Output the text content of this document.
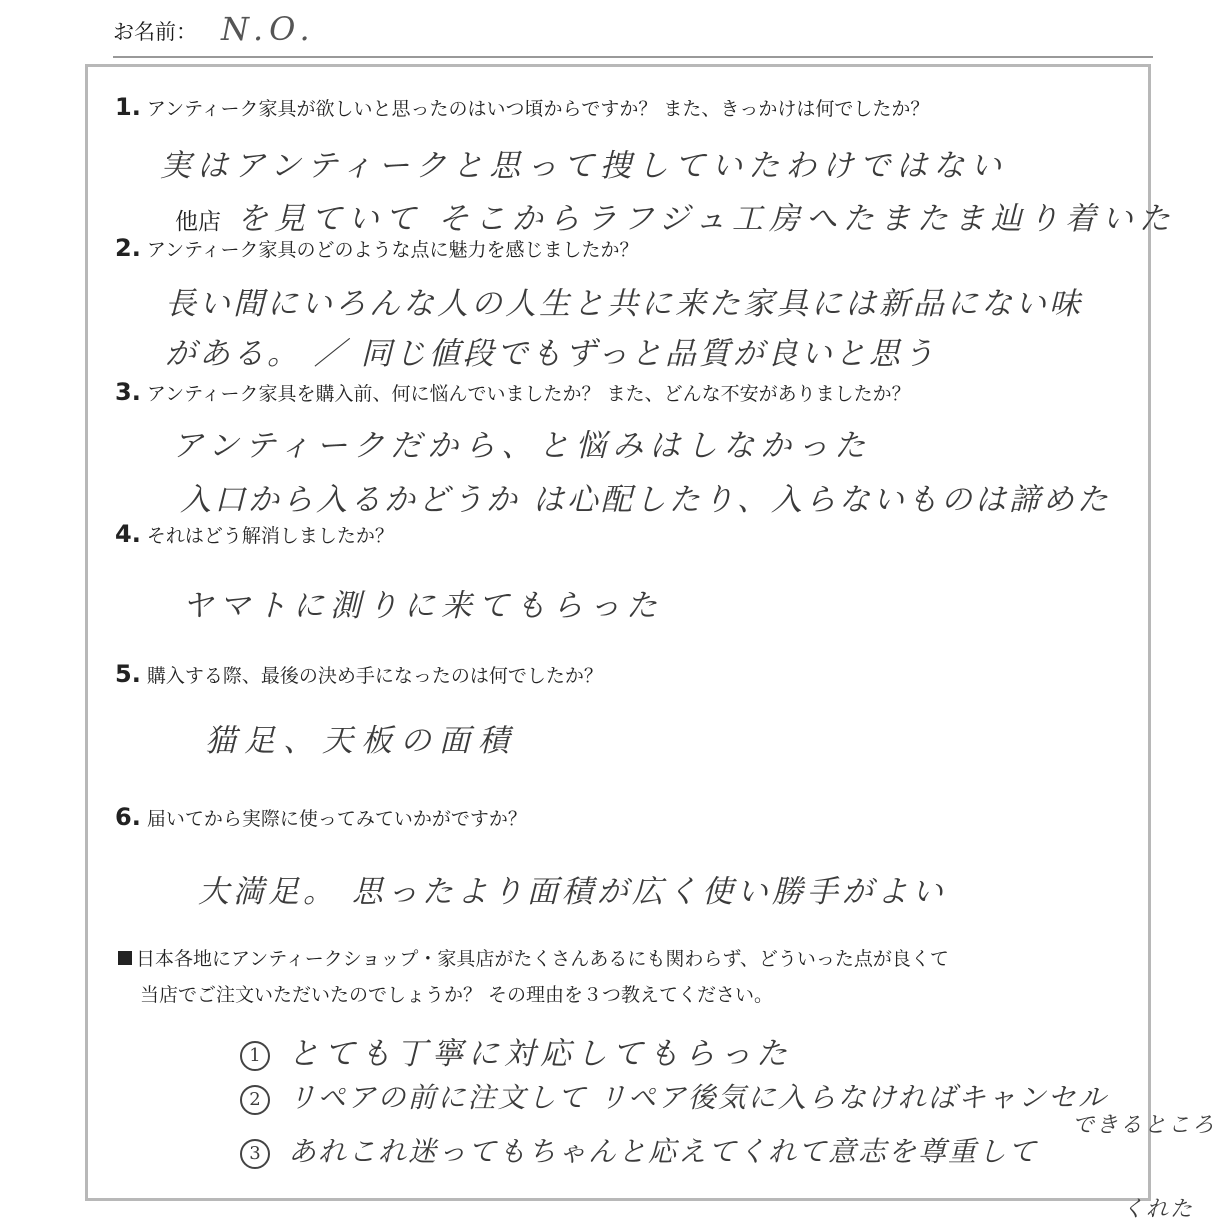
お名前： N.O.
1. アンティーク家具が欲しいと思ったのはいつ頃からですか？ また、きっかけは何でしたか？
実はアンティークと思って捜していたわけではない
他店 を見ていて そこからラフジュ工房へたまたま辿り着いた
2. アンティーク家具のどのような点に魅力を感じましたか？
長い間にいろんな人の人生と共に来た家具には新品にない味
がある。 ／ 同じ値段でもずっと品質が良いと思う
3. アンティーク家具を購入前、何に悩んでいましたか？ また、どんな不安がありましたか？
アンティークだから、と悩みはしなかった
入口から入るかどうか は心配したり、入らないものは諦めた
4. それはどう解消しましたか？
ヤマトに測りに来てもらった
5. 購入する際、最後の決め手になったのは何でしたか？
猫足、天板の面積
6. 届いてから実際に使ってみていかがですか？
大満足。 思ったより面積が広く使い勝手がよい
日本各地にアンティークショップ・家具店がたくさんあるにも関わらず、どういった点が良くて
当店でご注文いただいたのでしょうか？ その理由を３つ教えてください。
1 とても丁寧に対応してもらった
2 リペアの前に注文して リペア後気に入らなければキャンセル
できるところ
3 あれこれ迷ってもちゃんと応えてくれて意志を尊重して
くれた
